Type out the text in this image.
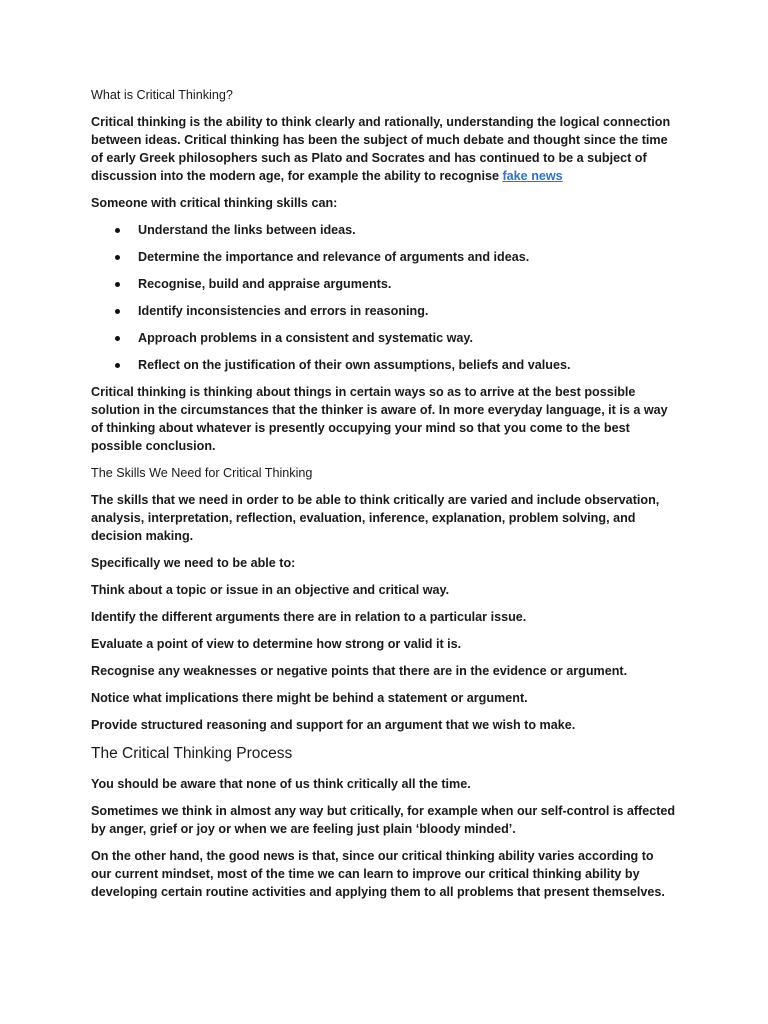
What is Critical Thinking?

Critical thinking is the ability to think clearly and rationally, understanding the logical connection between ideas. Critical thinking has been the subject of much debate and thought since the time of early Greek philosophers such as Plato and Socrates and has continued to be a subject of discussion into the modern age, for example the ability to recognise fake news

Someone with critical thinking skills can:

Understand the links between ideas.
Determine the importance and relevance of arguments and ideas.
Recognise, build and appraise arguments.
Identify inconsistencies and errors in reasoning.
Approach problems in a consistent and systematic way.
Reflect on the justification of their own assumptions, beliefs and values.

Critical thinking is thinking about things in certain ways so as to arrive at the best possible solution in the circumstances that the thinker is aware of. In more everyday language, it is a way of thinking about whatever is presently occupying your mind so that you come to the best possible conclusion.

The Skills We Need for Critical Thinking

The skills that we need in order to be able to think critically are varied and include observation, analysis, interpretation, reflection, evaluation, inference, explanation, problem solving, and decision making.

Specifically we need to be able to:

Think about a topic or issue in an objective and critical way.

Identify the different arguments there are in relation to a particular issue.

Evaluate a point of view to determine how strong or valid it is.

Recognise any weaknesses or negative points that there are in the evidence or argument.

Notice what implications there might be behind a statement or argument.

Provide structured reasoning and support for an argument that we wish to make.

The Critical Thinking Process

You should be aware that none of us think critically all the time.

Sometimes we think in almost any way but critically, for example when our self-control is affected by anger, grief or joy or when we are feeling just plain ‘bloody minded’.

On the other hand, the good news is that, since our critical thinking ability varies according to our current mindset, most of the time we can learn to improve our critical thinking ability by developing certain routine activities and applying them to all problems that present themselves.
